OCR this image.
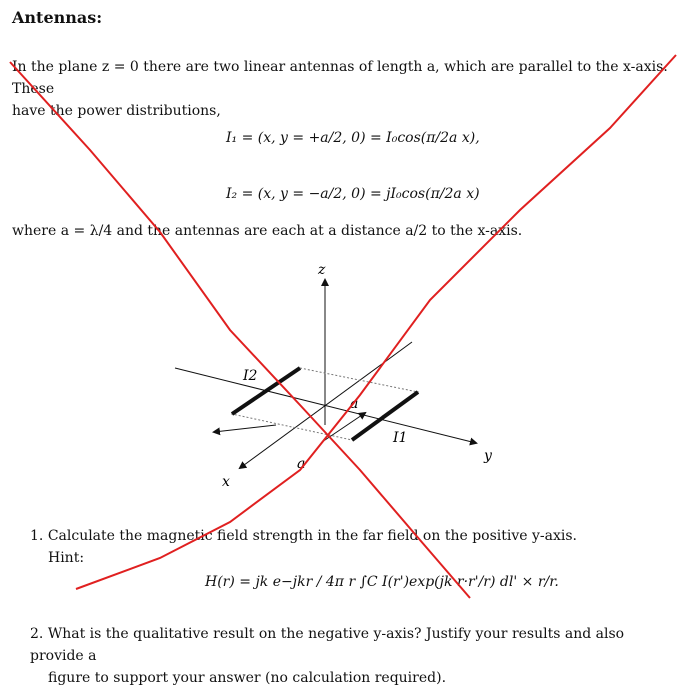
Antennas:
In the plane z = 0 there are two linear antennas of length a, which are parallel to the x-axis. These
have the power distributions,
I₁ = (x, y = +a/2, 0) = I₀cos(π/2a x),
I₂ = (x, y = −a/2, 0) = jI₀cos(π/2a x)
where a = λ/4 and the antennas are each at a distance a/2 to the x-axis.
z
y
x
a
a
I2
I1
1. Calculate the magnetic field strength in the far field on the positive y-axis.
Hint:
H(r) = jk e−jkr / 4π r ∫C I(r')exp(jk r·r'/r) dl' × r/r.
2. What is the qualitative result on the negative y-axis? Justify your results and also provide a
figure to support your answer (no calculation required).
